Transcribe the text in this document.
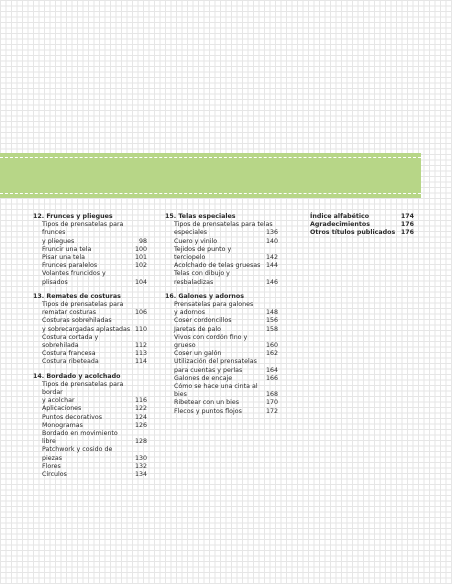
12. Frunces y pliegues
Tipos de prensatelas para frunces
y pliegues	98
Fruncir una tela	100
Pisar una tela	101
Frunces paralelos	102
Volantes fruncidos y plisados	104
13. Remates de costuras
Tipos de prensatelas para
rematar costuras	106
Costuras sobrehiladas
y sobrecargadas aplastadas 110
Costura cortada y sobrehilada	112
Costura francesa	113
Costura ribeteada	114
14. Bordado y acolchado
Tipos de prensatelas para bordar
y acolchar	116
Aplicaciones	122
Puntos decorativos	124
Monogramas	126
Bordado en movimiento libre	128
Patchwork y cosido de piezas	130
Flores	132
Círculos	134
15. Telas especiales
Tipos de prensatelas para telas
especiales	136
Cuero y vinilo	140
Tejidos de punto y terciopelo	142
Acolchado de telas gruesas 144
Telas con dibujo y resbaladizas	146
16. Galones y adornos
Prensatelas para galones
y adornos	148
Coser cordoncillos	156
Jaretas de palo	158
Vivos con cordón fino y grueso	160
Coser un galón	162
Utilización del prensatelas
para cuentas y perlas	164
Galones de encaje	166
Cómo se hace una cinta al bies	168
Ribetear con un bies	170
Flecos y puntos flojos	172
Índice alfabético	174
Agradecimientos	176
Otros títulos publicados 176
